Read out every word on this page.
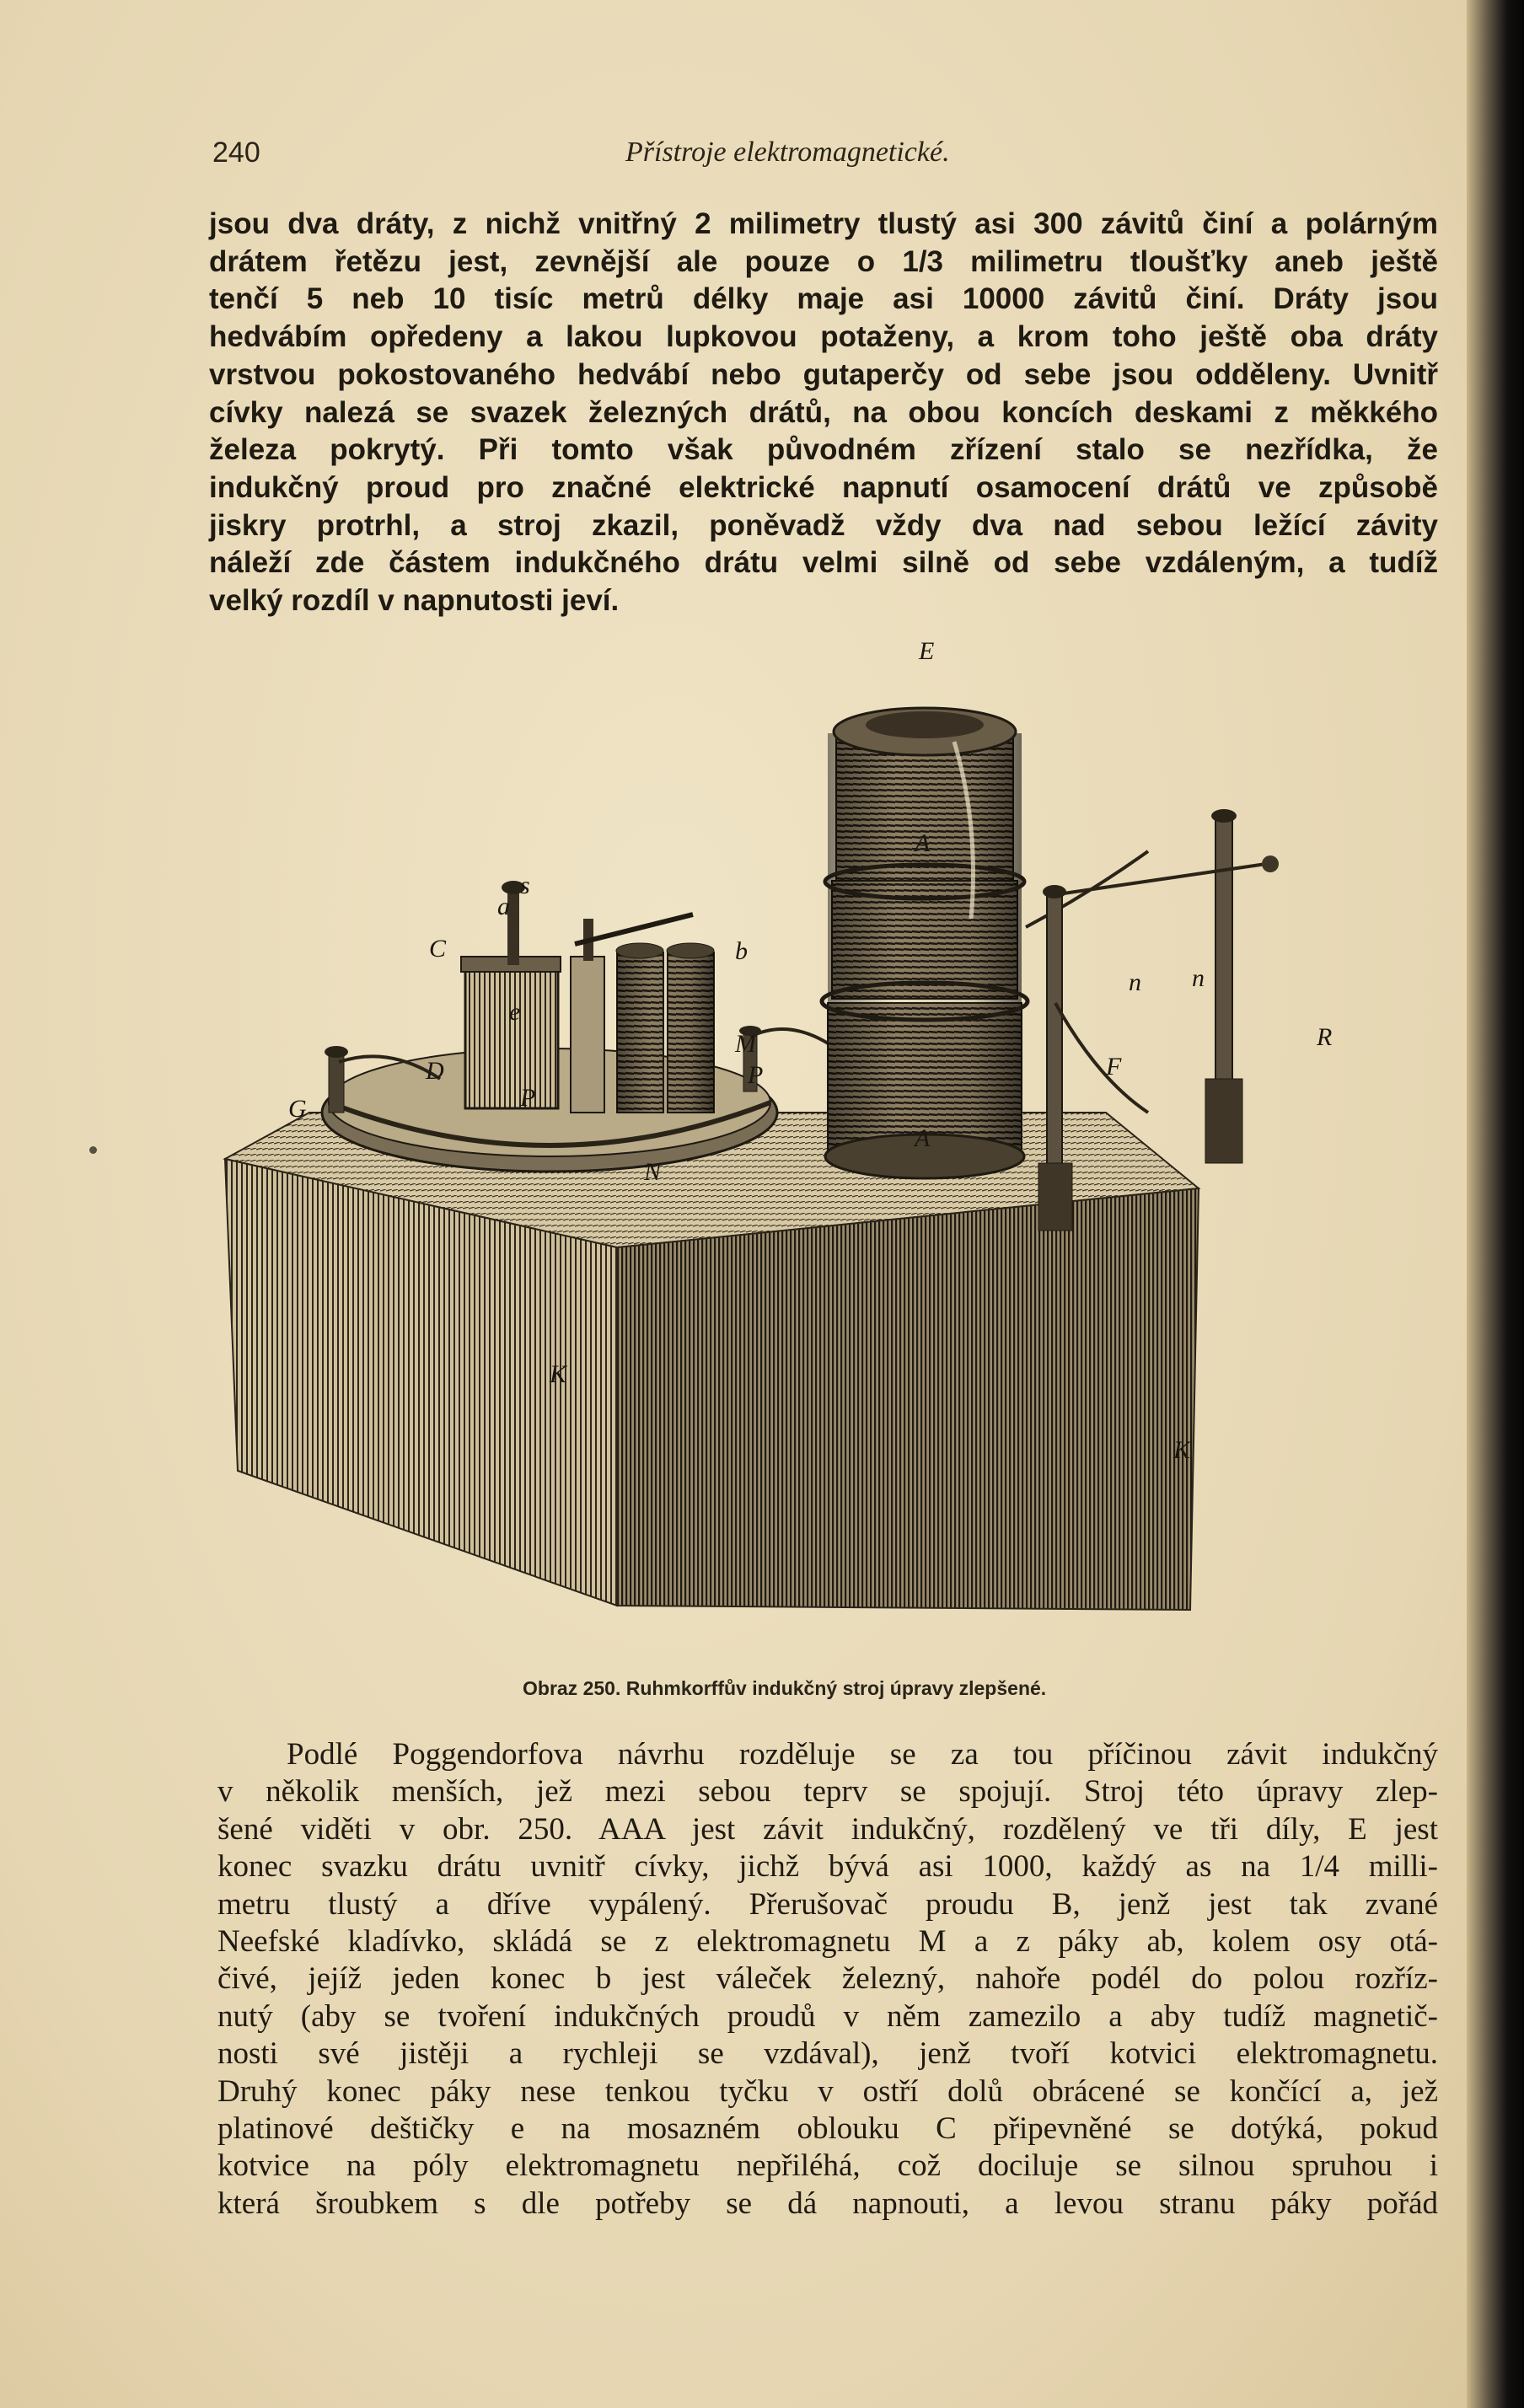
240	Přístroje elektromagnetické.
jsou dva dráty, z nichž vnitřný 2 milimetry tlustý asi 300 závitů činí a polárným
drátem řetězu jest, zevnější ale pouze o 1/3 milimetru tloušťky aneb ještě
tenčí 5 neb 10 tisíc metrů délky maje asi 10000 závitů činí. Dráty jsou
hedvábím opředeny a lakou lupkovou potaženy, a krom toho ještě oba dráty
vrstvou pokostovaného hedvábí nebo gutaperčy od sebe jsou odděleny. Uvnitř
cívky nalezá se svazek železných drátů, na obou koncích deskami z měkkého
železa pokrytý. Při tomto však původném zřízení stalo se nezřídka, že
indukčný proud pro značné elektrické napnutí osamocení drátů ve způsobě
jiskry protrhl, a stroj zkazil, poněvadž vždy dva nad sebou ležící závity
náleží zde částem indukčného drátu velmi silně od sebe vzdáleným, a tudíž
velký rozdíl v napnutosti jeví.
E
C
s
a
b
e
M
D
G
P
P
N
n n
R
F
A
A
K
K
Obraz 250. Ruhmkorffův indukčný stroj úpravy zlepšené.
Podlé Poggendorfova návrhu rozděluje se za tou příčinou závit indukčný
v několik menších, jež mezi sebou teprv se spojují. Stroj této úpravy zlep-
šené viděti v obr. 250. AAA jest závit indukčný, rozdělený ve tři díly, E jest
konec svazku drátu uvnitř cívky, jichž bývá asi 1000, každý as na 1/4 milli-
metru tlustý a dříve vypálený. Přerušovač proudu B, jenž jest tak zvané
Neefské kladívko, skládá se z elektromagnetu M a z páky ab, kolem osy otá-
čivé, jejíž jeden konec b jest váleček železný, nahoře podél do polou rozříz-
nutý (aby se tvoření indukčných proudů v něm zamezilo a aby tudíž magnetič-
nosti své jistěji a rychleji se vzdával), jenž tvoří kotvici elektromagnetu.
Druhý konec páky nese tenkou tyčku v ostří dolů obrácené se končící a, jež
platinové deštičky e na mosazném oblouku C připevněné se dotýká, pokud
kotvice na póly elektromagnetu nepřiléhá, což dociluje se silnou spruhou i
která šroubkem s dle potřeby se dá napnouti, a levou stranu páky pořád
